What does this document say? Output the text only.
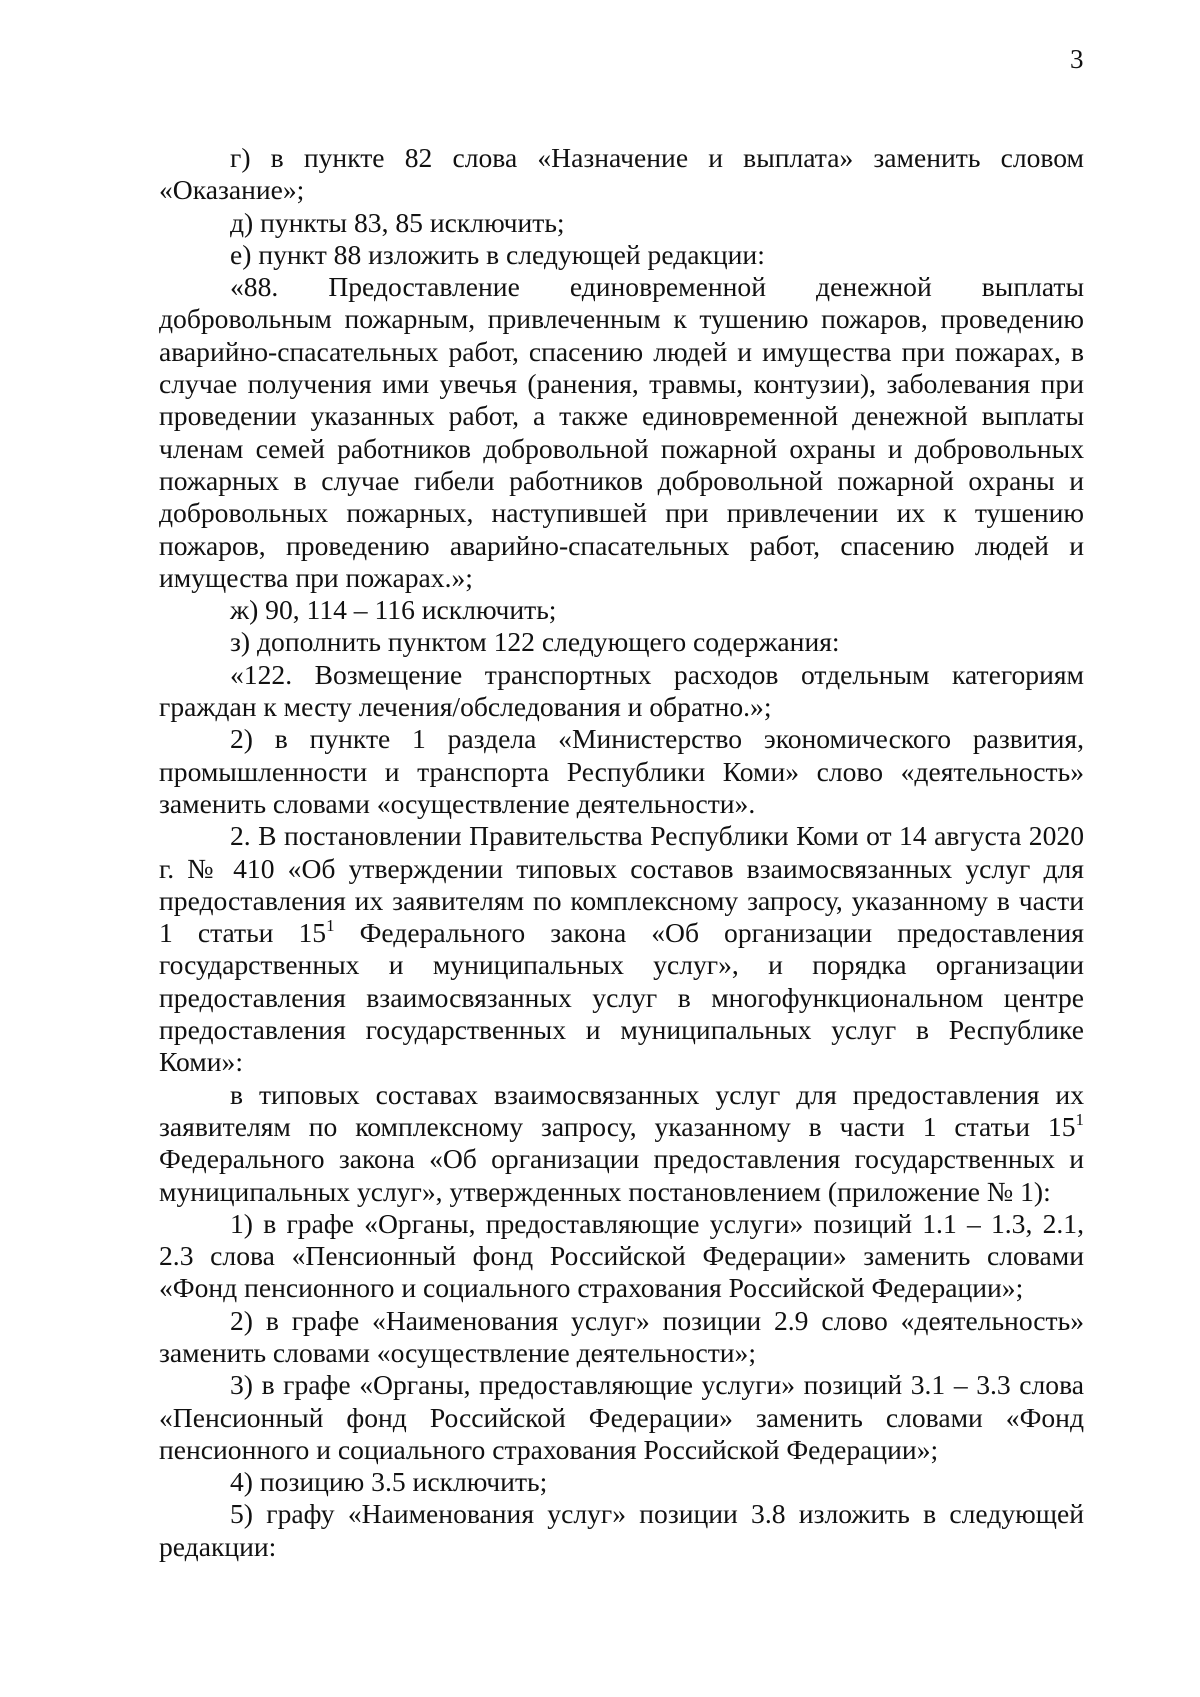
3

г) в пункте 82 слова «Назначение и выплата» заменить словом «Оказание»;

д) пункты 83, 85 исключить;

е) пункт 88 изложить в следующей редакции:

«88. Предоставление единовременной денежной выплаты добровольным пожарным, привлеченным к тушению пожаров, проведению аварийно-спасательных работ, спасению людей и имущества при пожарах, в случае получения ими увечья (ранения, травмы, контузии), заболевания при проведении указанных работ, а также единовременной денежной выплаты членам семей работников добровольной пожарной охраны и добровольных пожарных в случае гибели работников добровольной пожарной охраны и добровольных пожарных, наступившей при привлечении их к тушению пожаров, проведению аварийно-спасательных работ, спасению людей и имущества при пожарах.»;

ж) 90, 114 – 116 исключить;

з) дополнить пунктом 122 следующего содержания:

«122. Возмещение транспортных расходов отдельным категориям граждан к месту лечения/обследования и обратно.»;

2) в пункте 1 раздела «Министерство экономического развития, промышленности и транспорта Республики Коми» слово «деятельность» заменить словами «осуществление деятельности».

2. В постановлении Правительства Республики Коми от 14 августа 2020 г. № 410 «Об утверждении типовых составов взаимосвязанных услуг для предоставления их заявителям по комплексному запросу, указанному в части 1 статьи $15^1$ Федерального закона «Об организации предоставления государственных и муниципальных услуг», и порядка организации предоставления взаимосвязанных услуг в многофункциональном центре предоставления государственных и муниципальных услуг в Республике Коми»:

в типовых составах взаимосвязанных услуг для предоставления их заявителям по комплексному запросу, указанному в части 1 статьи $15^1$ Федерального закона «Об организации предоставления государственных и муниципальных услуг», утвержденных постановлением (приложение № 1):

1) в графе «Органы, предоставляющие услуги» позиций 1.1 – 1.3, 2.1, 2.3 слова «Пенсионный фонд Российской Федерации» заменить словами «Фонд пенсионного и социального страхования Российской Федерации»;

2) в графе «Наименования услуг» позиции 2.9 слово «деятельность» заменить словами «осуществление деятельности»;

3) в графе «Органы, предоставляющие услуги» позиций 3.1 – 3.3 слова «Пенсионный фонд Российской Федерации» заменить словами «Фонд пенсионного и социального страхования Российской Федерации»;

4) позицию 3.5 исключить;

5) графу «Наименования услуг» позиции 3.8 изложить в следующей редакции:
